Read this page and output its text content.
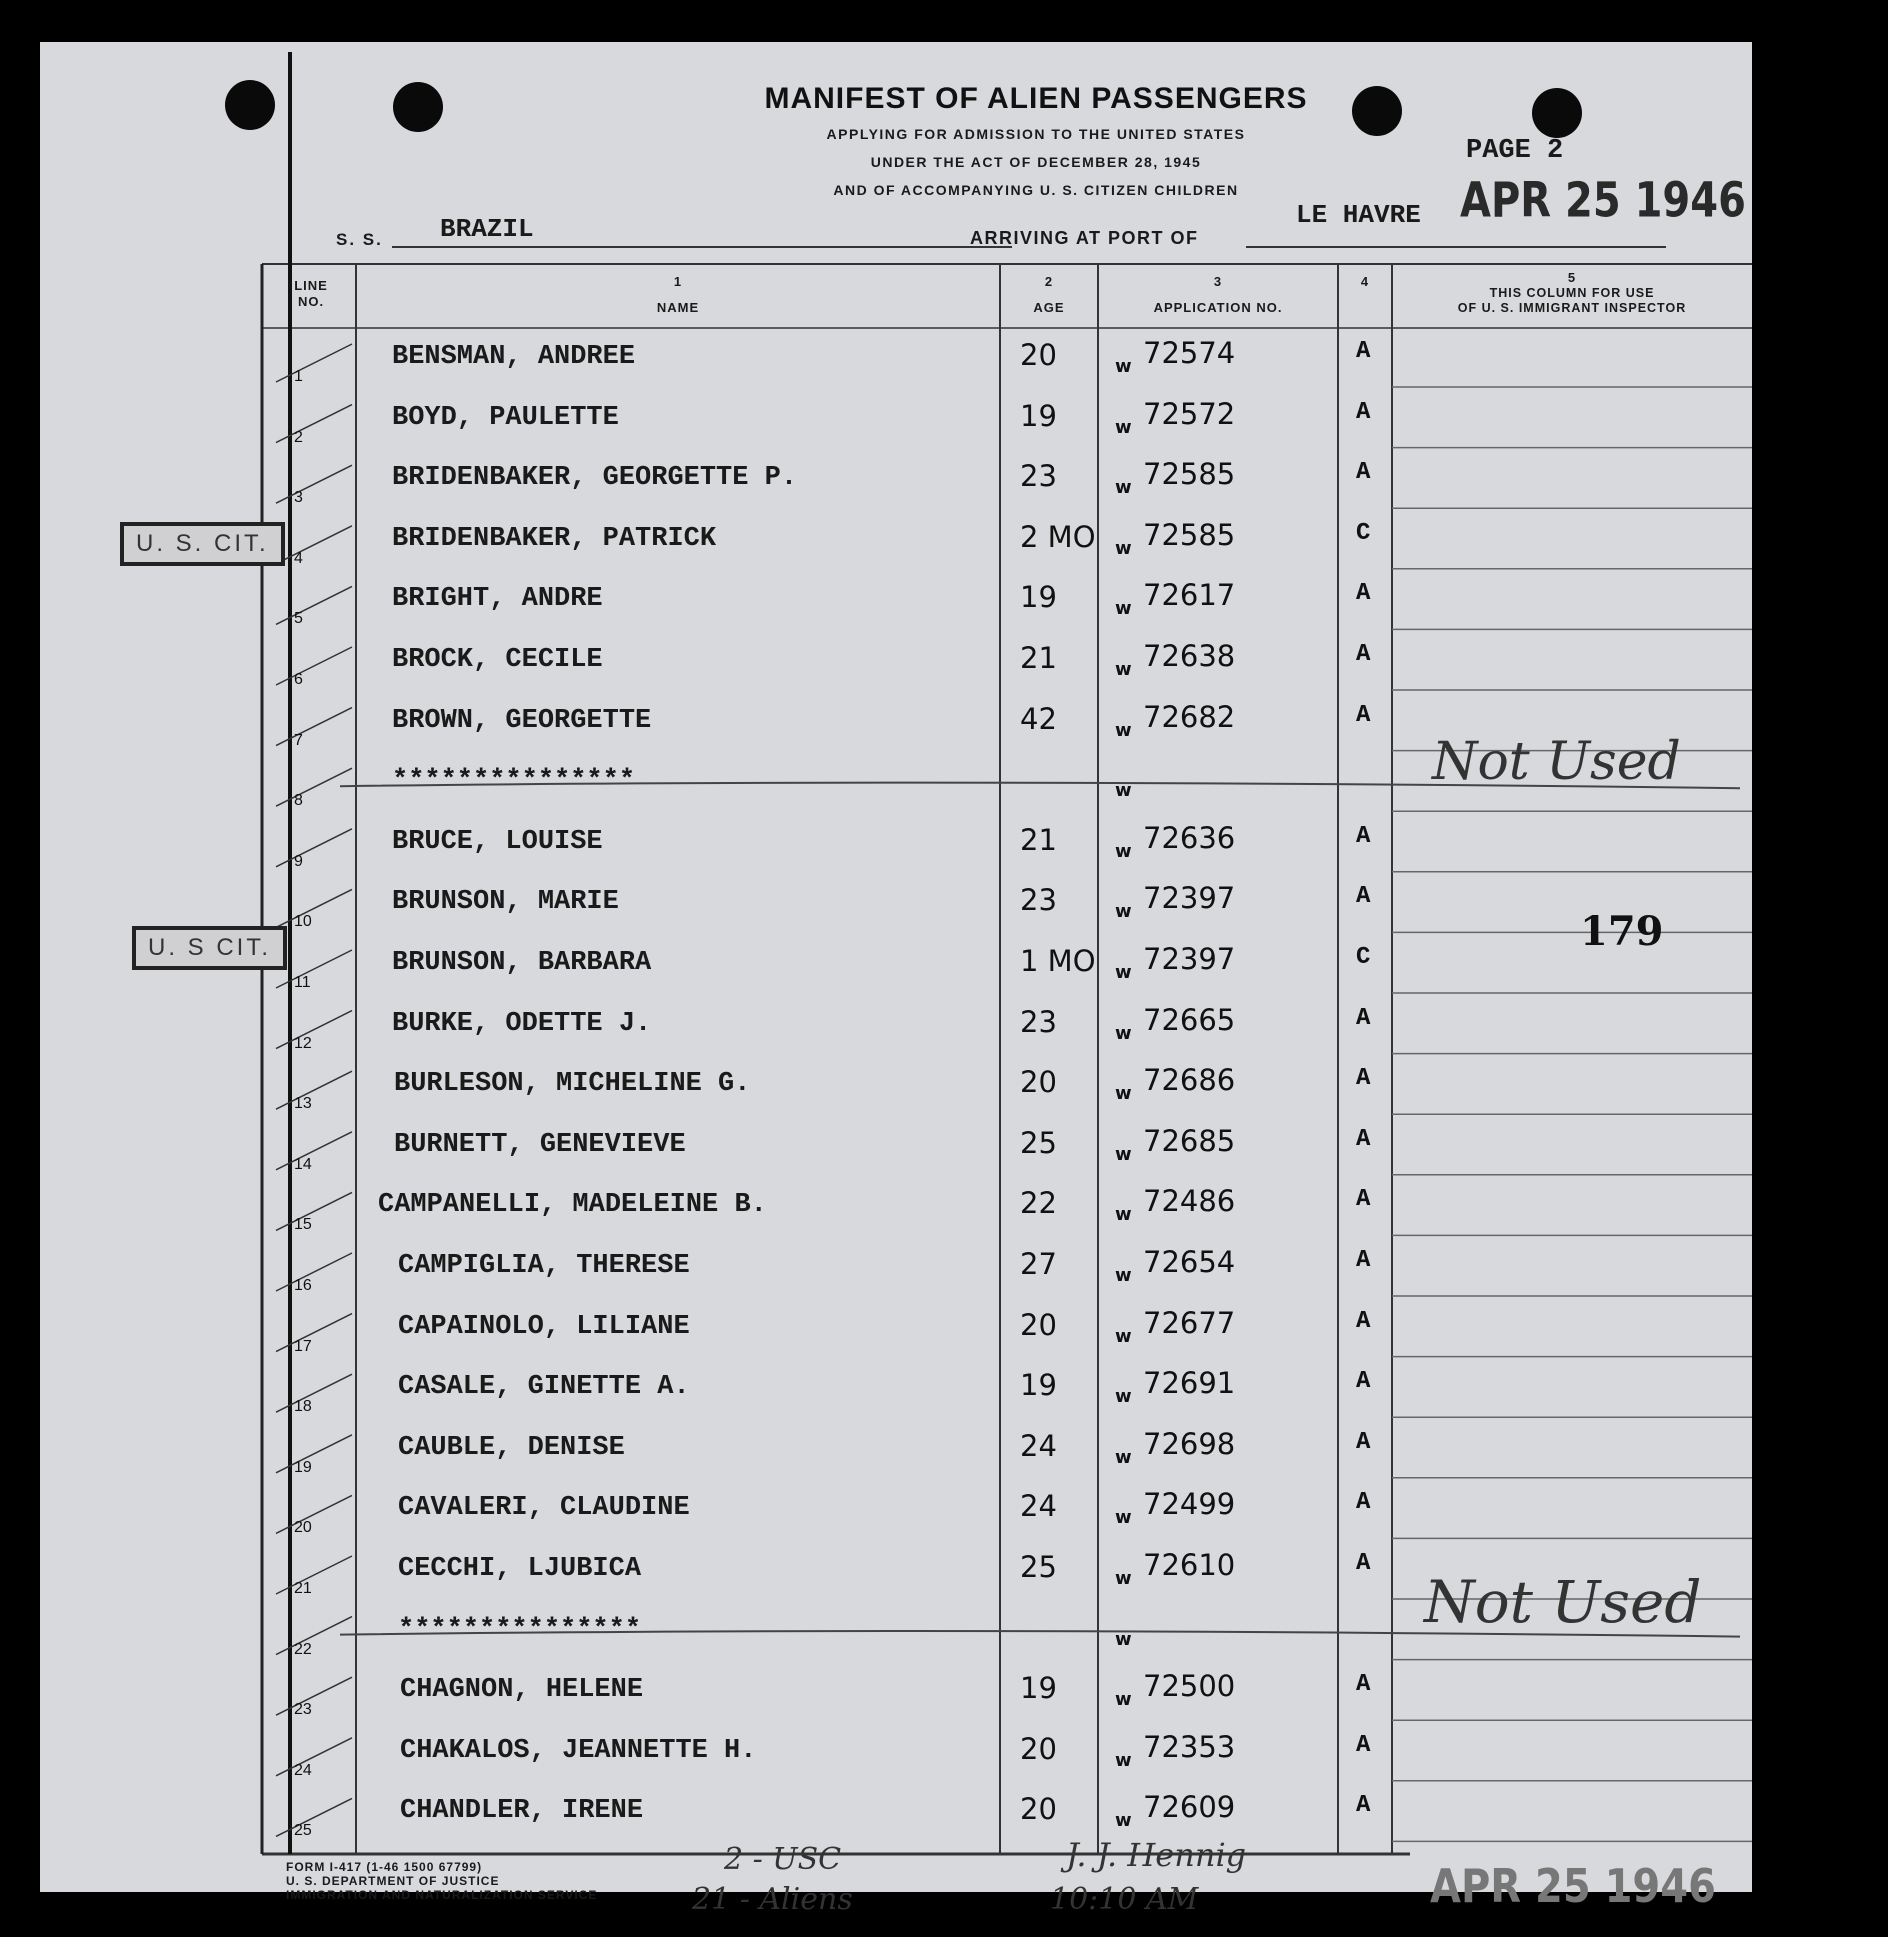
MANIFEST OF ALIEN PASSENGERS
APPLYING FOR ADMISSION TO THE UNITED STATES
UNDER THE ACT OF DECEMBER 28, 1945
AND OF ACCOMPANYING U. S. CITIZEN CHILDREN
PAGE 2
S. S. BRAZIL	ARRIVING AT PORT OF
LE HAVRE APR 25 1946
LINE
NO.
1
NAME
2
AGE
3
APPLICATION NO.
4	5
THIS COLUMN FOR USE
OF U. S. IMMIGRANT INSPECTOR
1
BENSMAN, ANDREE	20	w 72574	A
2
BOYD, PAULETTE	19	w 72572	A
3
BRIDENBAKER, GEORGETTE P.	23	w 72585	A
4
BRIDENBAKER, PATRICK	2 MO	w 72585	C
5
BRIGHT, ANDRE	19	w 72617	A
6
BROCK, CECILE	21	w 72638	A
7
BROWN, GEORGETTE	42	w 72682	A
8
***************	w
9
BRUCE, LOUISE	21	w 72636	A
10
BRUNSON, MARIE	23	w 72397	A
11
BRUNSON, BARBARA	1 MO	w 72397	C
12
BURKE, ODETTE J.	23	w 72665	A
13
BURLESON, MICHELINE G.	20	w 72686	A
14
BURNETT, GENEVIEVE	25	w 72685	A
15
CAMPANELLI, MADELEINE B.	22	w 72486	A
16
CAMPIGLIA, THERESE	27	w 72654	A
17
CAPAINOLO, LILIANE	20	w 72677	A
18
CASALE, GINETTE A.	19	w 72691	A
19
CAUBLE, DENISE	24	w 72698	A
20
CAVALERI, CLAUDINE	24	w 72499	A
21
CECCHI, LJUBICA	25	w 72610	A
22
***************	w
23
CHAGNON, HELENE	19	w 72500	A
24
CHAKALOS, JEANNETTE H.	20	w 72353	A
25
CHANDLER, IRENE	20	w 72609	A
U. S. CIT.
U. S CIT.
Not Used
Not Used
179
FORM I-417 (1-46 1500 67799)
U. S. DEPARTMENT OF JUSTICE
IMMIGRATION AND NATURALIZATION SERVICE
2 - USC
21 - Aliens
J. J. Hennig
10:10 AM	APR 25 1946
